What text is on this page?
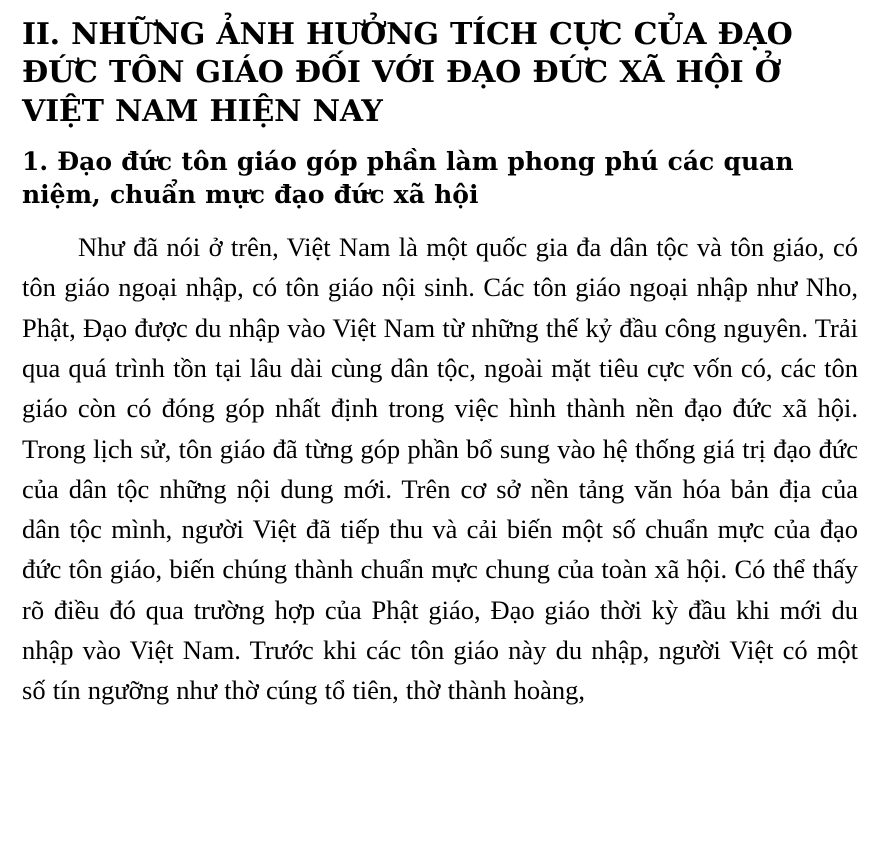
II. NHỮNG ẢNH HƯỞNG TÍCH CỰC CỦA ĐẠO ĐỨC TÔN GIÁO ĐỐI VỚI ĐẠO ĐỨC XÃ HỘI Ở VIỆT NAM HIỆN NAY
1. Đạo đức tôn giáo góp phần làm phong phú các quan niệm, chuẩn mực đạo đức xã hội

Như đã nói ở trên, Việt Nam là một quốc gia đa dân tộc và tôn giáo, có tôn giáo ngoại nhập, có tôn giáo nội sinh. Các tôn giáo ngoại nhập như Nho, Phật, Đạo được du nhập vào Việt Nam từ những thế kỷ đầu công nguyên. Trải qua quá trình tồn tại lâu dài cùng dân tộc, ngoài mặt tiêu cực vốn có, các tôn giáo còn có đóng góp nhất định trong việc hình thành nền đạo đức xã hội. Trong lịch sử, tôn giáo đã từng góp phần bổ sung vào hệ thống giá trị đạo đức của dân tộc những nội dung mới. Trên cơ sở nền tảng văn hóa bản địa của dân tộc mình, người Việt đã tiếp thu và cải biến một số chuẩn mực của đạo đức tôn giáo, biến chúng thành chuẩn mực chung của toàn xã hội. Có thể thấy rõ điều đó qua trường hợp của Phật giáo, Đạo giáo thời kỳ đầu khi mới du nhập vào Việt Nam. Trước khi các tôn giáo này du nhập, người Việt có một số tín ngưỡng như thờ cúng tổ tiên, thờ thành hoàng,
